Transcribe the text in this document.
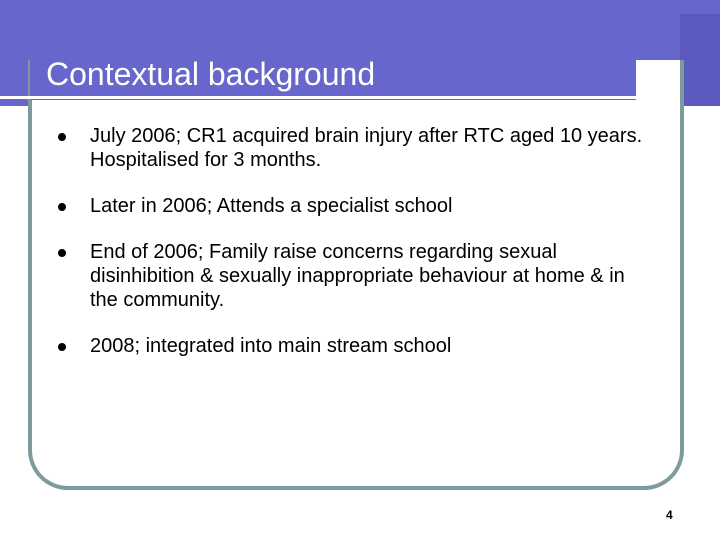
Contextual background
July 2006; CR1 acquired brain injury after RTC aged 10 years. Hospitalised for 3 months.
Later in 2006; Attends a specialist school
End of 2006; Family raise concerns regarding sexual disinhibition & sexually inappropriate behaviour at home & in the community.
2008; integrated into main stream school
4
